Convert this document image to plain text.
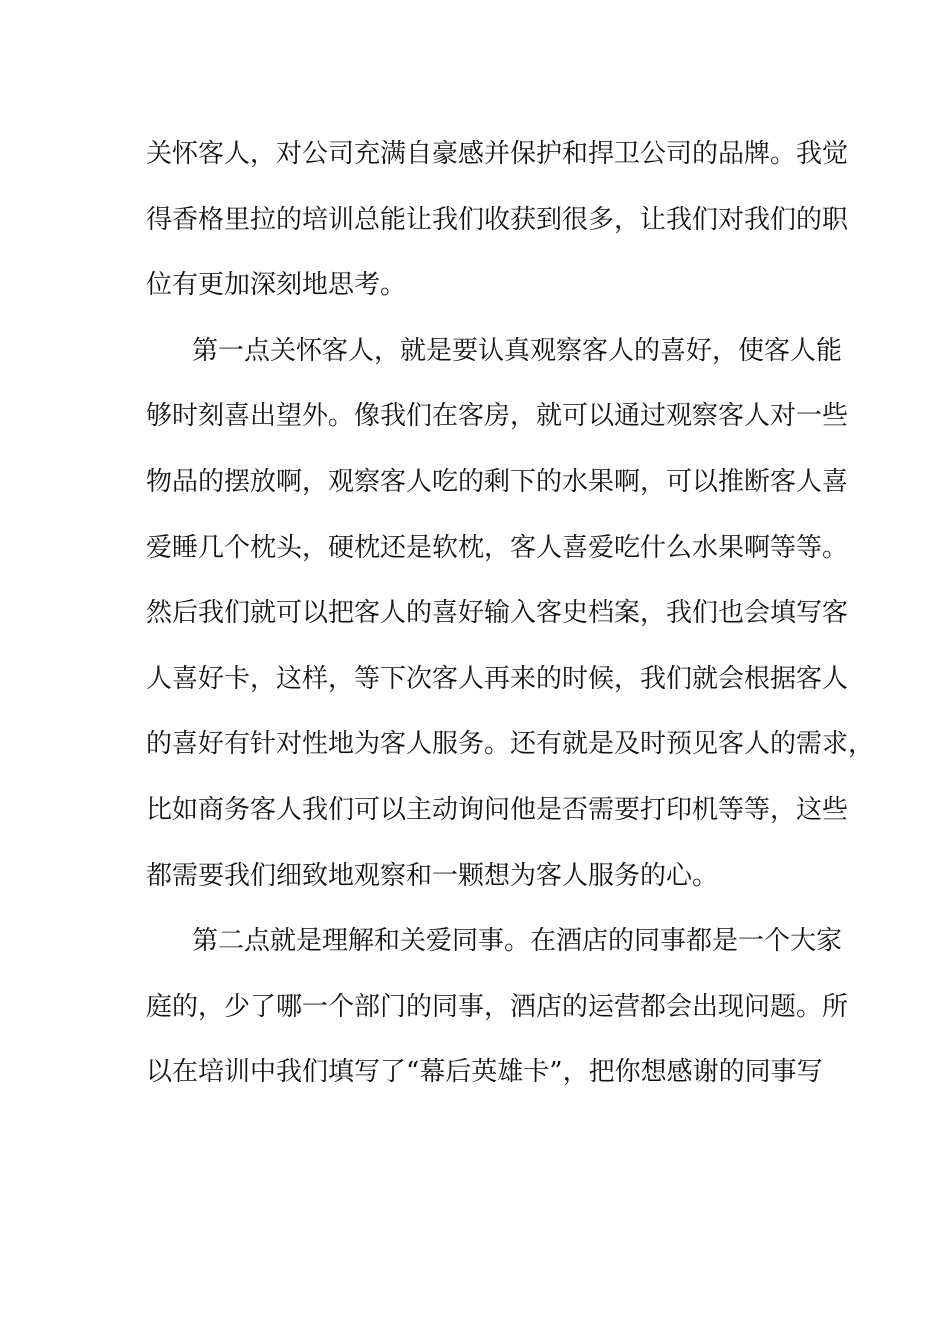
关怀客人，对公司充满自豪感并保护和捍卫公司的品牌。我觉
得香格里拉的培训总能让我们收获到很多，让我们对我们的职
位有更加深刻地思考。
第一点关怀客人，就是要认真观察客人的喜好，使客人能
够时刻喜出望外。像我们在客房，就可以通过观察客人对一些
物品的摆放啊，观察客人吃的剩下的水果啊，可以推断客人喜
爱睡几个枕头，硬枕还是软枕，客人喜爱吃什么水果啊等等。
然后我们就可以把客人的喜好输入客史档案，我们也会填写客
人喜好卡，这样，等下次客人再来的时候，我们就会根据客人
的喜好有针对性地为客人服务。还有就是及时预见客人的需求，
比如商务客人我们可以主动询问他是否需要打印机等等，这些
都需要我们细致地观察和一颗想为客人服务的心。
第二点就是理解和关爱同事。在酒店的同事都是一个大家
庭的，少了哪一个部门的同事，酒店的运营都会出现问题。所
以在培训中我们填写了“幕后英雄卡”，把你想感谢的同事写
